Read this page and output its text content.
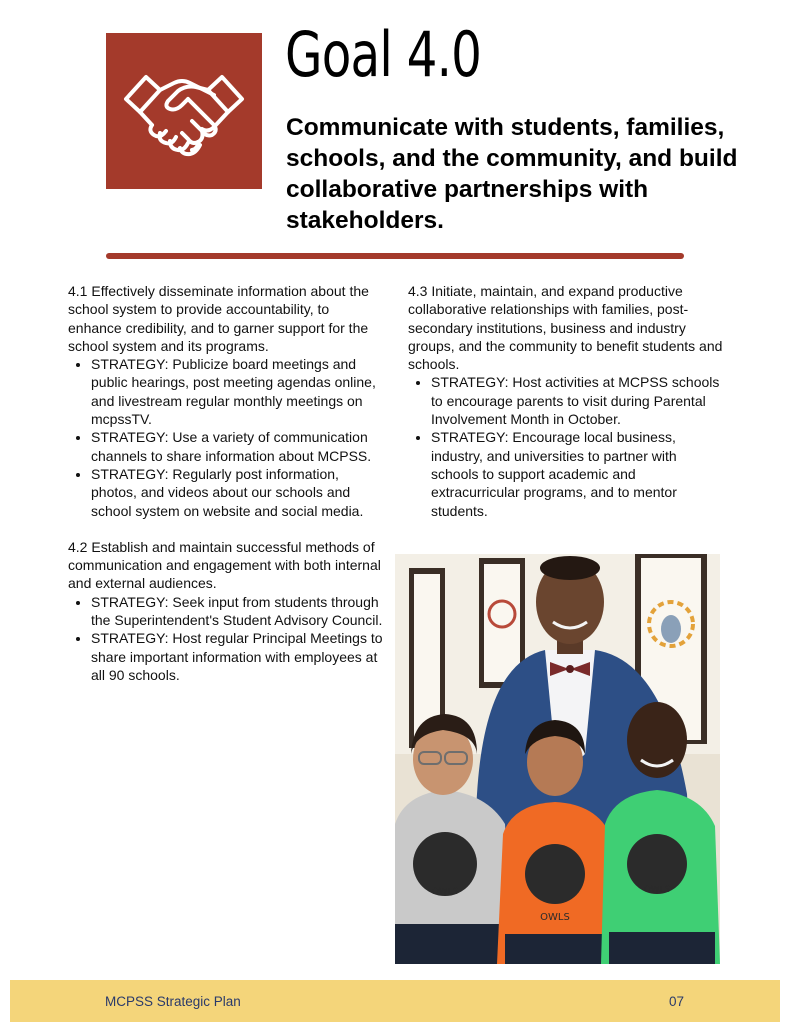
Goal 4.0

Communicate with students, families, schools, and the community, and build collaborative partnerships with stakeholders.

4.1 Effectively disseminate information about the school system to provide accountability, to enhance credibility, and to garner support for the school system and its programs.

• STRATEGY: Publicize board meetings and public hearings, post meeting agendas online, and livestream regular monthly meetings on mcpssTV.
• STRATEGY: Use a variety of communication channels to share information about MCPSS.
• STRATEGY: Regularly post information, photos, and videos about our schools and school system on website and social media.

4.2 Establish and maintain successful methods of communication and engagement with both internal and external audiences.

• STRATEGY: Seek input from students through the Superintendent's Student Advisory Council.
• STRATEGY: Host regular Principal Meetings to share important information with employees at all 90 schools.

4.3 Initiate, maintain, and expand productive collaborative relationships with families, post-secondary institutions, business and industry groups, and the community to benefit students and schools.

• STRATEGY: Host activities at MCPSS schools to encourage parents to visit during Parental Involvement Month in October.
• STRATEGY: Encourage local business, industry, and universities to partner with schools to support academic and extracurricular programs, and to mentor students.
OWLS
OWLS
OWLS
MCPSS Strategic Plan	07
